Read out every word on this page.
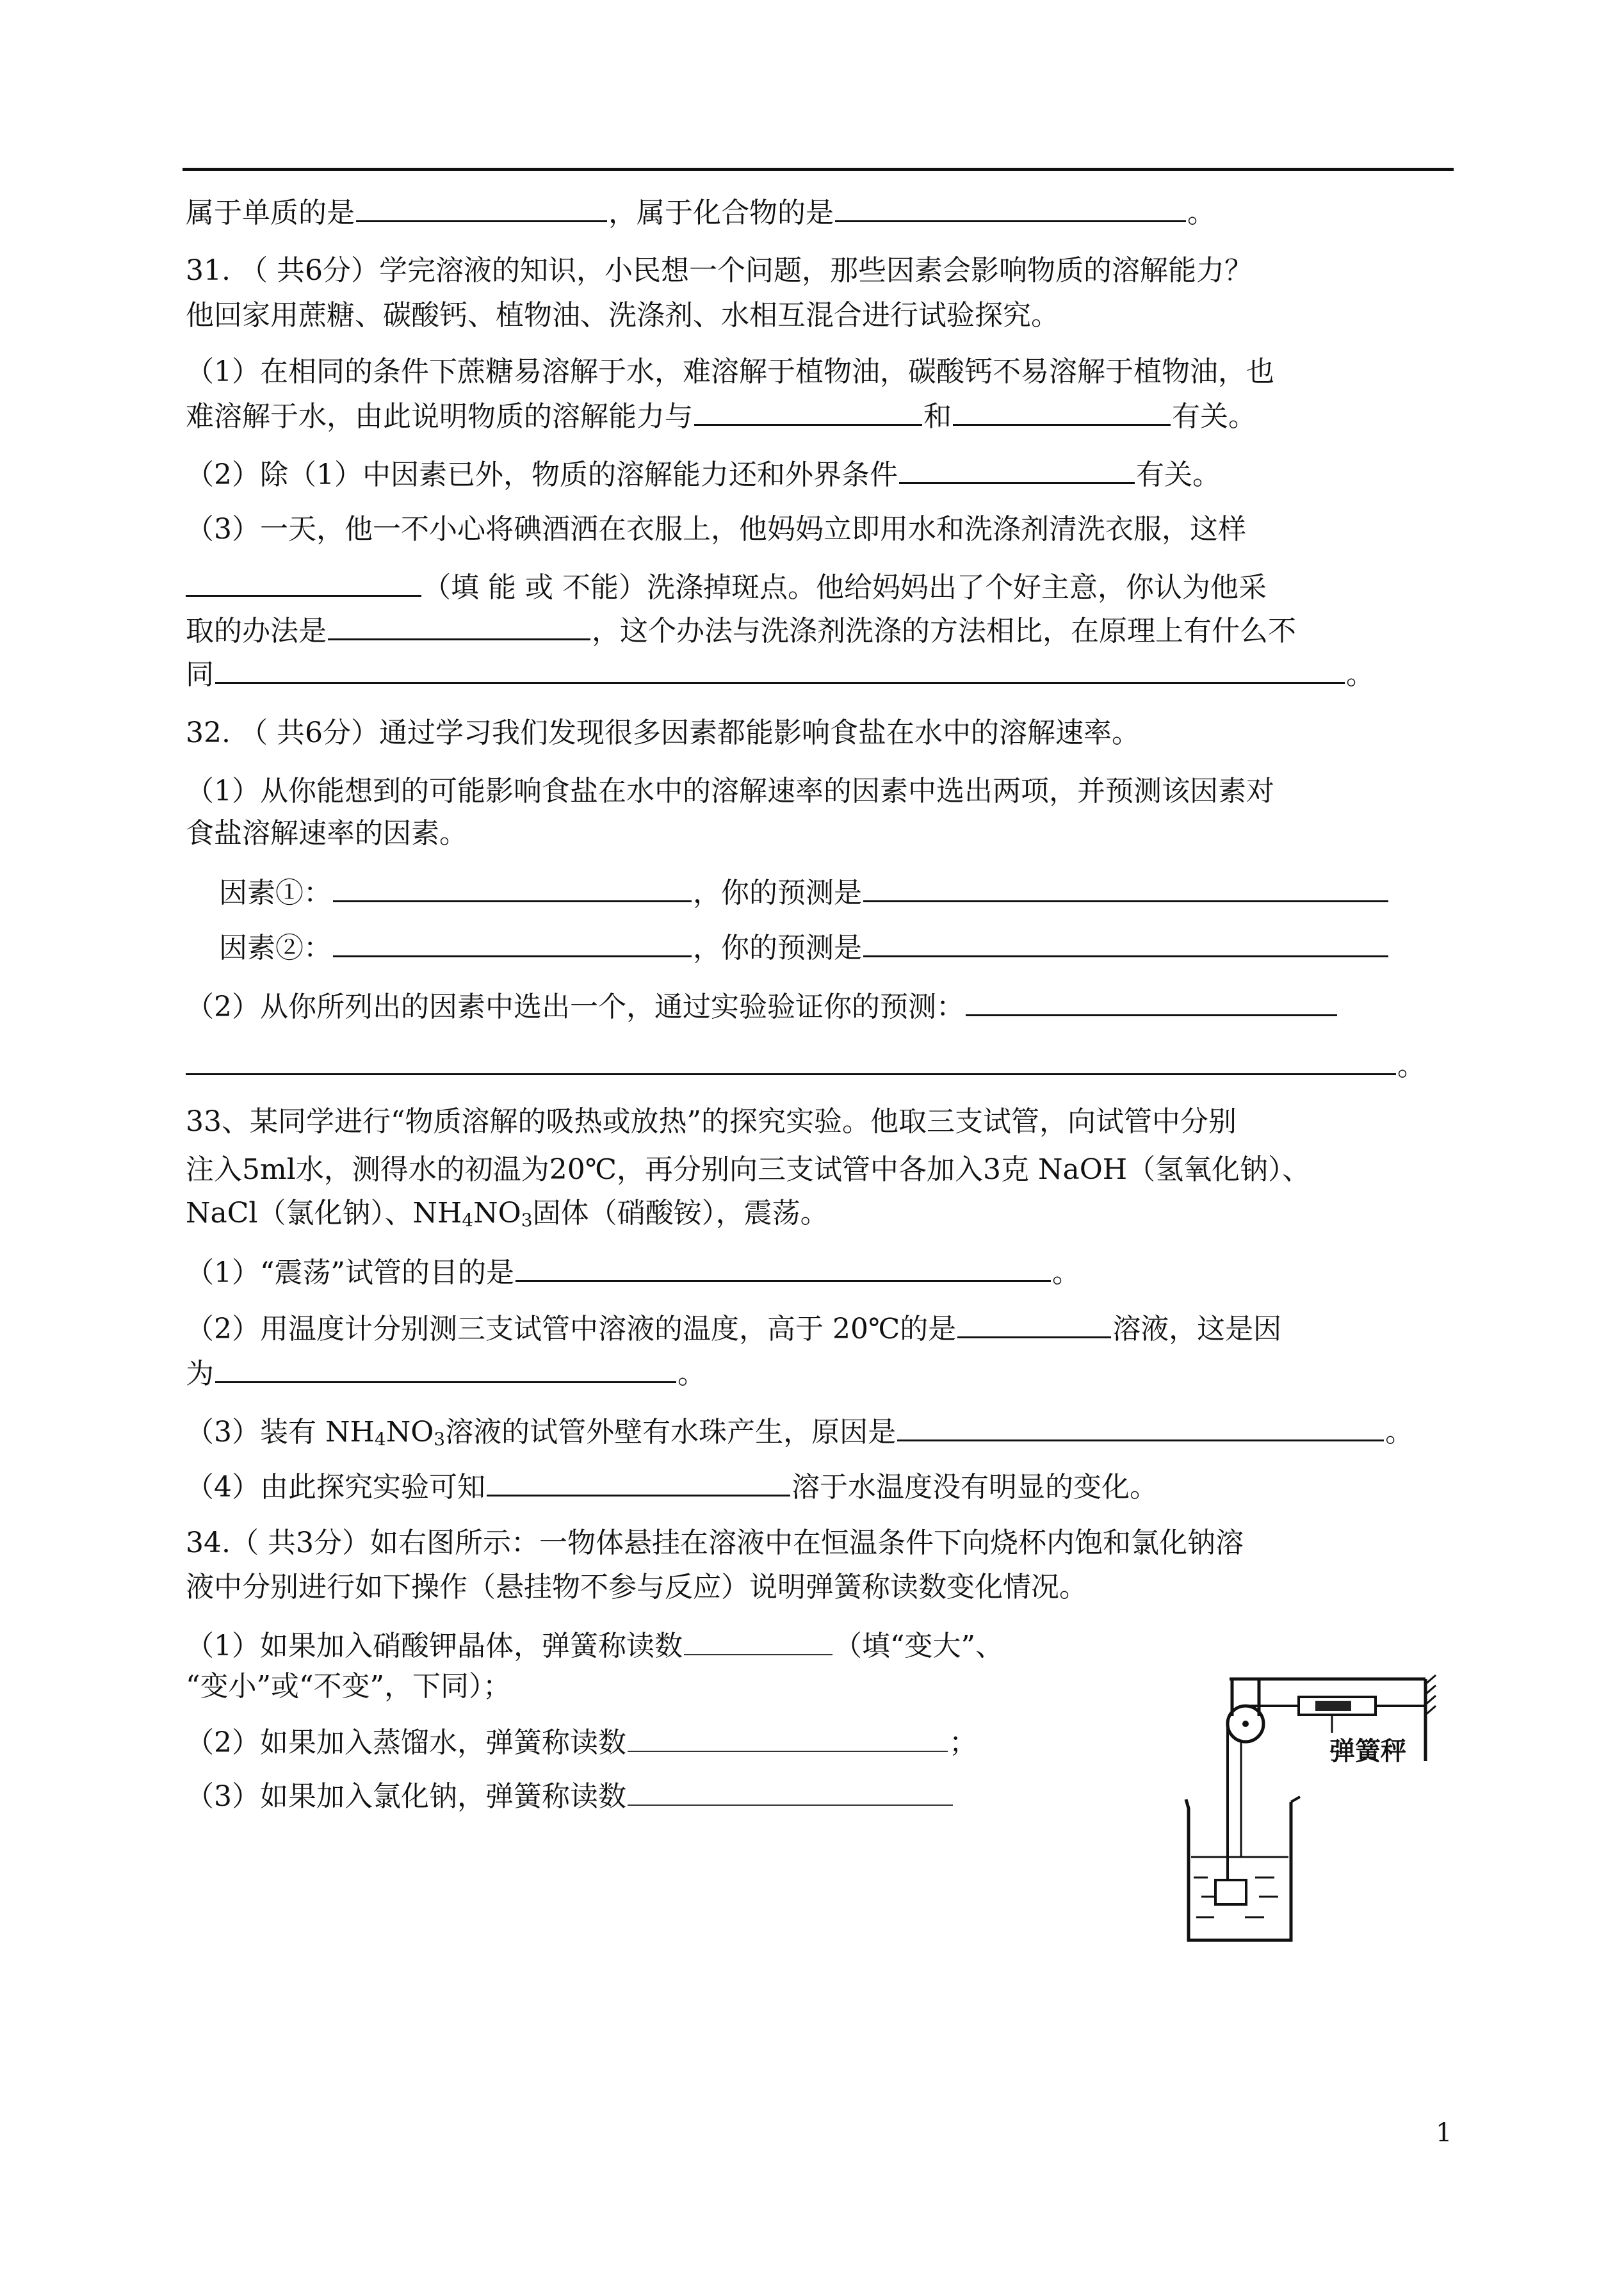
属于单质的是	，属于化合物的是	。
31. （ 共6分）学完溶液的知识，小民想一个问题，那些因素会影响物质的溶解能力？
他回家用蔗糖、碳酸钙、植物油、洗涤剂、水相互混合进行试验探究。
（1）在相同的条件下蔗糖易溶解于水，难溶解于植物油，碳酸钙不易溶解于植物油，也
难溶解于水，由此说明物质的溶解能力与	和	有关。
（2）除（1）中因素已外，物质的溶解能力还和外界条件	有关。
（3）一天，他一不小心将碘酒洒在衣服上，他妈妈立即用水和洗涤剂清洗衣服，这样
（填 能 或 不能）洗涤掉斑点。他给妈妈出了个好主意，你认为他采
取的办法是	，这个办法与洗涤剂洗涤的方法相比，在原理上有什么不
同	。
32. （ 共6分）通过学习我们发现很多因素都能影响食盐在水中的溶解速率。
（1）从你能想到的可能影响食盐在水中的溶解速率的因素中选出两项，并预测该因素对
食盐溶解速率的因素。
因素①：	，你的预测是
因素②：	，你的预测是
（2）从你所列出的因素中选出一个，通过实验验证你的预测：
。
33、某同学进行“物质溶解的吸热或放热”的探究实验。他取三支试管，向试管中分别
注入5ml水，测得水的初温为20℃，再分别向三支试管中各加入3克 NaOH（氢氧化钠）、
NaCl（氯化钠）、$NH_4NO_3$固体（硝酸铵），震荡。
（1）“震荡”试管的目的是	。
（2）用温度计分别测三支试管中溶液的温度，高于 20℃的是	溶液，这是因
为	。
（3）装有 $NH_4NO_3$溶液的试管外壁有水珠产生，原因是	。
（4）由此探究实验可知	溶于水温度没有明显的变化。
34.（ 共3分）如右图所示：一物体悬挂在溶液中在恒温条件下向烧杯内饱和氯化钠溶
液中分别进行如下操作（悬挂物不参与反应）说明弹簧称读数变化情况。
（1）如果加入硝酸钾晶体，弹簧称读数	（填“变大”、
“变小”或“不变”，下同）；
（2）如果加入蒸馏水，弹簧称读数	；
（3）如果加入氯化钠，弹簧称读数
弹簧秤
1
